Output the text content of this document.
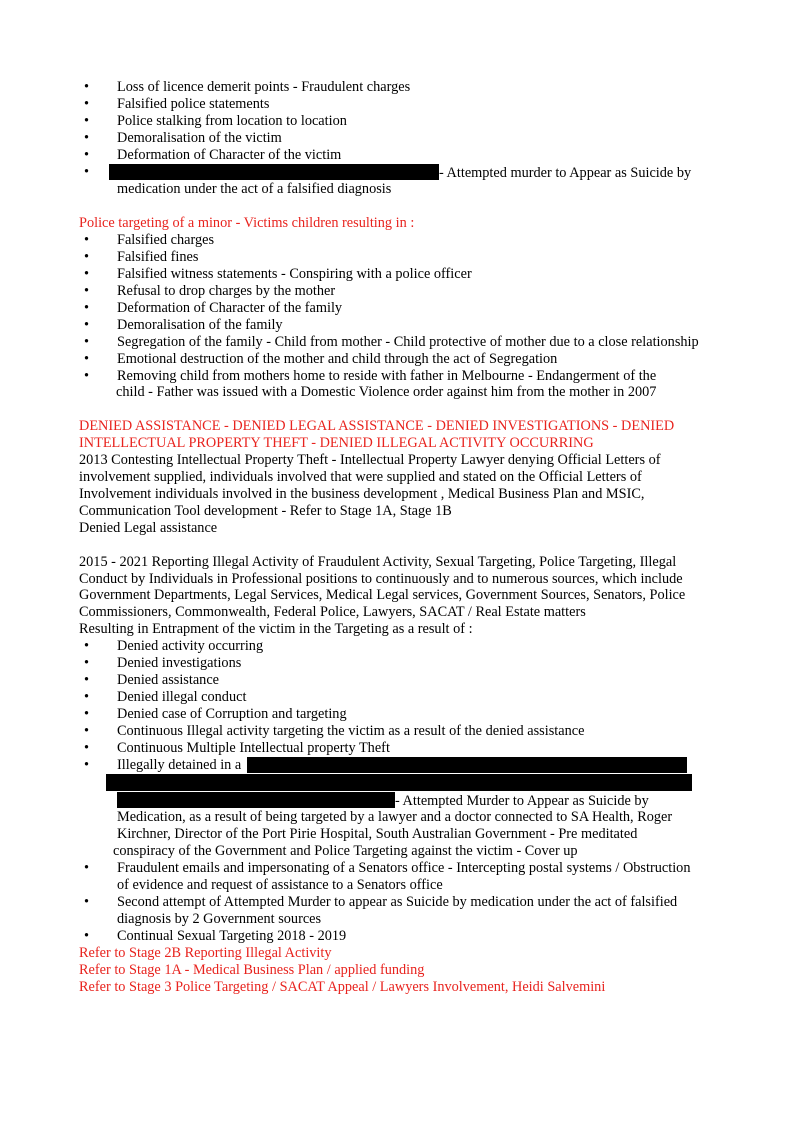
• Loss of licence demerit points - Fraudulent charges
• Falsified police statements
• Police stalking from location to location
• Demoralisation of the victim
• Deformation of Character of the victim
•	- Attempted murder to Appear as Suicide by
medication under the act of a falsified diagnosis
Police targeting of a minor - Victims children resulting in :
• Falsified charges
• Falsified fines
• Falsified witness statements - Conspiring with a police officer
• Refusal to drop charges by the mother
• Deformation of Character of the family
• Demoralisation of the family
• Segregation of the family - Child from mother - Child protective of mother due to a close relationship
• Emotional destruction of the mother and child through the act of Segregation
• Removing child from mothers home to reside with father in Melbourne - Endangerment of the
child - Father was issued with a Domestic Violence order against him from the mother in 2007
DENIED ASSISTANCE - DENIED LEGAL ASSISTANCE - DENIED INVESTIGATIONS - DENIED
INTELLECTUAL PROPERTY THEFT - DENIED ILLEGAL ACTIVITY OCCURRING
2013 Contesting Intellectual Property Theft - Intellectual Property Lawyer denying Official Letters of
involvement supplied, individuals involved that were supplied and stated on the Official Letters of
Involvement individuals involved in the business development , Medical Business Plan and MSIC,
Communication Tool development - Refer to Stage 1A, Stage 1B
Denied Legal assistance
2015 - 2021 Reporting Illegal Activity of Fraudulent Activity, Sexual Targeting, Police Targeting, Illegal
Conduct by Individuals in Professional positions to continuously and to numerous sources, which include
Government Departments, Legal Services, Medical Legal services, Government Sources, Senators, Police
Commissioners, Commonwealth, Federal Police, Lawyers, SACAT / Real Estate matters
Resulting in Entrapment of the victim in the Targeting as a result of :
• Denied activity occurring
• Denied investigations
• Denied assistance
• Denied illegal conduct
• Denied case of Corruption and targeting
• Continuous Illegal activity targeting the victim as a result of the denied assistance
• Continuous Multiple Intellectual property Theft
• Illegally detained in a
- Attempted Murder to Appear as Suicide by
Medication, as a result of being targeted by a lawyer and a doctor connected to SA Health, Roger
Kirchner, Director of the Port Pirie Hospital, South Australian Government - Pre meditated
conspiracy of the Government and Police Targeting against the victim - Cover up
• Fraudulent emails and impersonating of a Senators office - Intercepting postal systems / Obstruction
of evidence and request of assistance to a Senators office
• Second attempt of Attempted Murder to appear as Suicide by medication under the act of falsified
diagnosis by 2 Government sources
• Continual Sexual Targeting 2018 - 2019
Refer to Stage 2B Reporting Illegal Activity
Refer to Stage 1A - Medical Business Plan / applied funding
Refer to Stage 3 Police Targeting / SACAT Appeal / Lawyers Involvement, Heidi Salvemini
